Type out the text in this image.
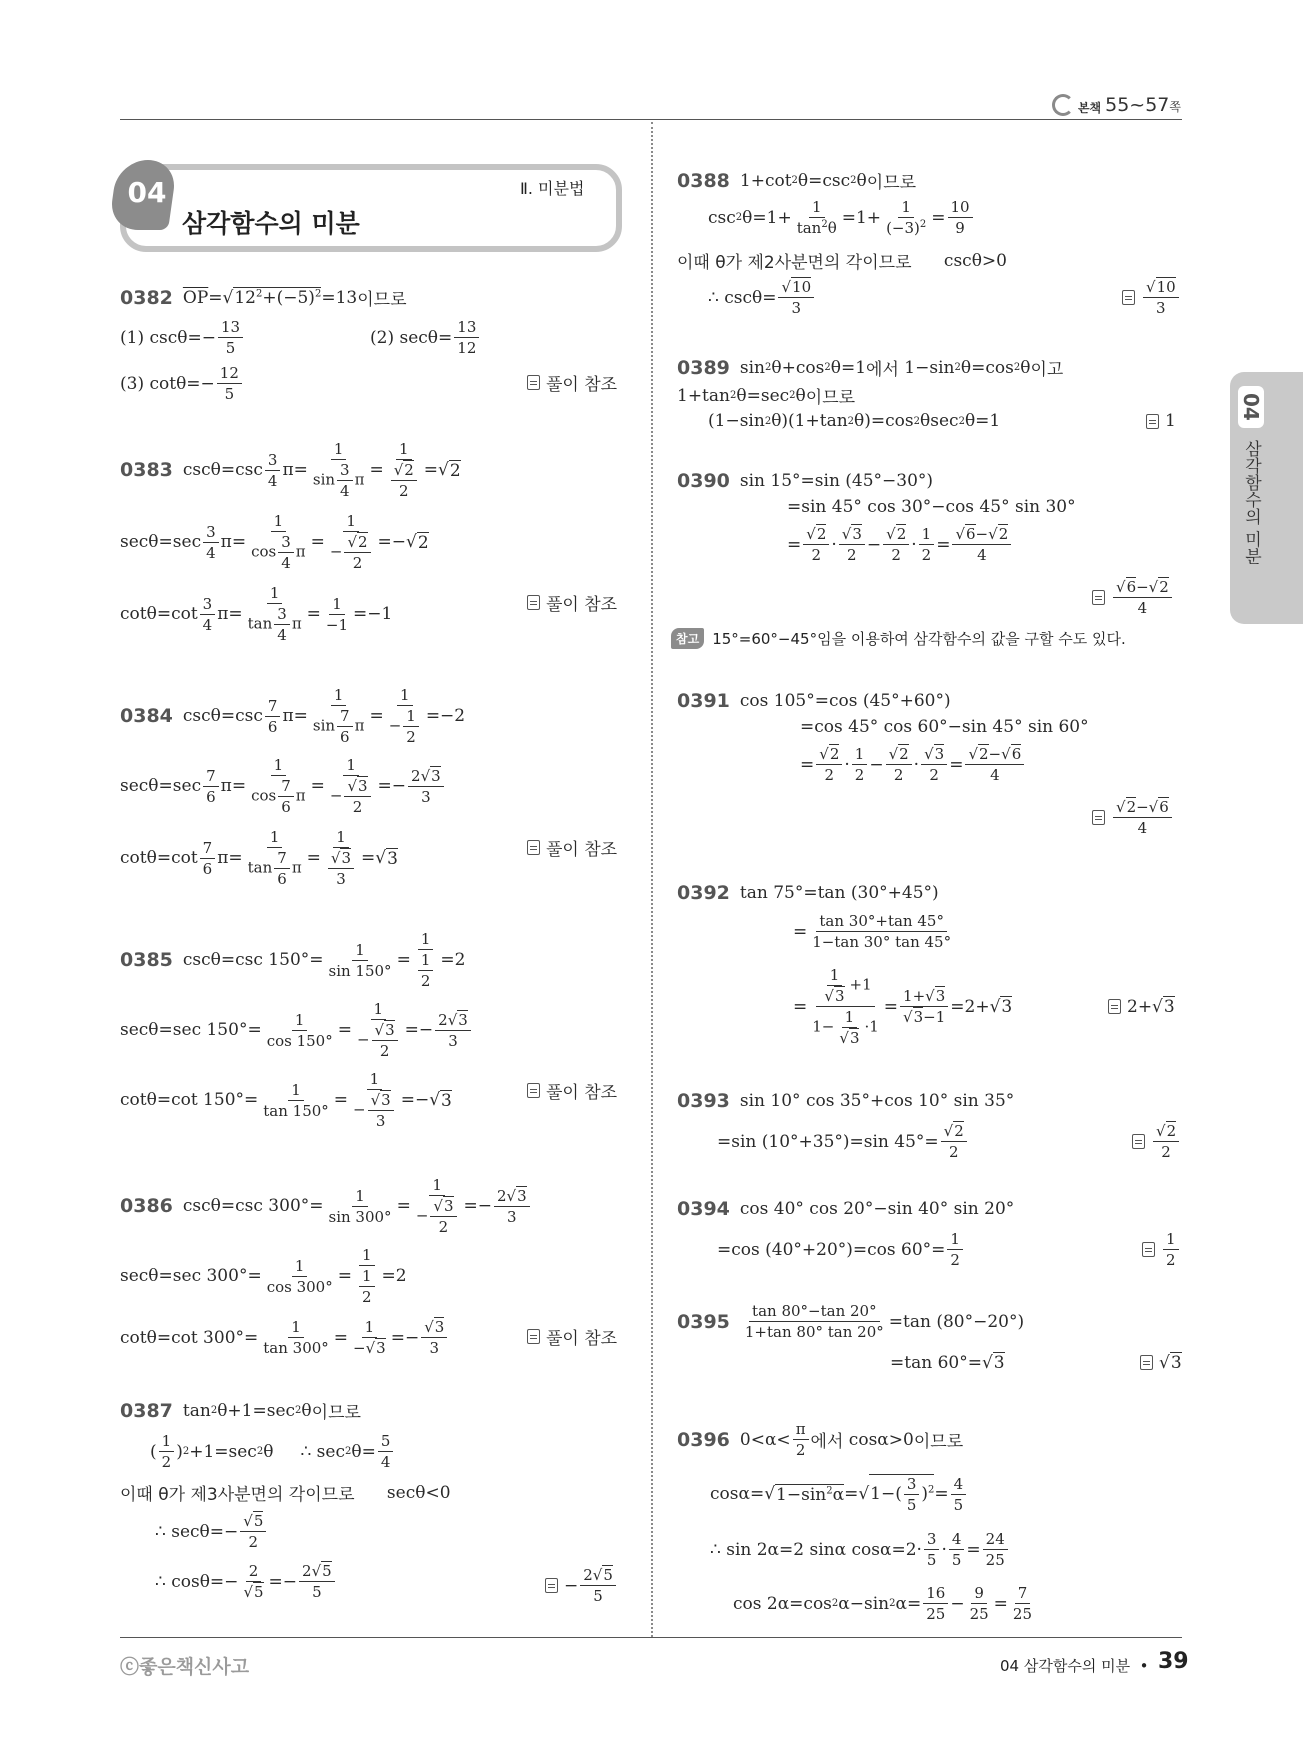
본책 55~57쪽
04
삼각함수의 미분
Ⅱ. 미분법
04
삼각함수의 미분
0382 $\overline{OP}=√12^2+(-5)^2=13$ 이므로
(1) cscθ=−
13
5
(2) secθ=
13
12
(3) cotθ=−
12
5	풀이 참조
0383 cscθ=csc
3
4
π=
1
$\sin \frac{3}{4}$ π =
1
$\frac{√2}{2}$ =√ 2
secθ=sec
3
4
π=
1
$\cos \frac{3}{4}$ π =
1
− $\frac{√2}{2}$ =−√ 2
cotθ=cot
3
4
π=
1
$\tan \frac{3}{4}$ π =
1
−1
=−1	풀이 참조
0384 cscθ=csc
7
6
π=
1
$\sin \frac{7}{6}$ π =
1
− $\frac{1}{2} =-2$
secθ=sec
7
6
π=
1
$\cos \frac{7}{6}$ π =
1
− $\frac{√3}{2}$ =−
2√3
3
cotθ=cot
7
6
π=
1
$\tan \frac{7}{6}$ π =
1
$\frac{√3}{3}$ =√ 3	풀이 참조
0385 cscθ=csc 150°=
1
sin 150°
=
1
$\frac{1}{2} =2$
secθ=sec 150°=
1
cos 150°
=
1
− $\frac{√3}{2}$ =−
2√3
3
cotθ=cot 150°=
1
tan 150°
=
1
− $\frac{√3}{3}$ =−√ 3	풀이 참조
0386 cscθ=csc 300°=
1
sin 300°
=
1
− $\frac{√3}{2}$ =−
2√3
3
secθ=sec 300°=
1
cos 300°
=
1
$\frac{1}{2} =2$
cotθ=cot 300°=
1
tan 300°
=
1
−√3
=−
√3
3	풀이 참조
0387 tan 2 θ+1=sec 2 θ 이므로
(
1
2
) 2 +1=sec 2 θ     ∴ sec 2 θ=
5
4
이때 θ가 제3사분면의 각이므로 secθ<0
∴ secθ=−
√5
2
∴ cosθ=−
2
√5
=−
2√5
5	−
2√5
5
0388 1+cot 2 θ=csc 2 θ 이므로
csc 2 θ=1+
1
$\tan^2\theta$
=1+
1
$(-3)^2$ =
10
9
이때 θ가 제2사분면의 각이므로 cscθ>0
∴ cscθ=
√10
3
√10
3
0389 sin 2 θ+cos 2 θ=1 에서 1−sin 2 θ=cos 2 θ 이고
1+tan 2 θ=sec 2 θ 이므로
(1−sin 2 θ)(1+tan 2 θ)=cos 2 θsec 2 θ=1	1
0390 sin 15°=sin (45°−30°)
=sin 45° cos 30°−cos 45° sin 30°
=
√2
2
·
√3
2
−
√2
2
·
1
2
=
√6−√2
4
√6−√2
4
참고 15°=60°−45°임을 이용하여 삼각함수의 값을 구할 수도 있다.
0391 cos 105°=cos (45°+60°)
=cos 45° cos 60°−sin 45° sin 60°
=
√2
2
·
1
2
−
√2
2
·
√3
2
=
√2−√6
4
√2−√6
4
0392 tan 75°=tan (30°+45°)
=
tan 30°+tan 45°
1−tan 30° tan 45°
=
$\frac{1}{√3} +1$
$1- \frac{1}{√3} \cdot 1$
=
1+√3
√3−1
=2+√ 3	2+√ 3
0393 sin 10° cos 35°+cos 10° sin 35°
=sin (10°+35°)=sin 45°=
√2
2
√2
2
0394 cos 40° cos 20°−sin 40° sin 20°
=cos (40°+20°)=cos 60°=
1
2
1
2
0395 tan 80°−tan 20°
1+tan 80° tan 20°
=tan (80°−20°)
=tan 60°=√ 3	√ 3
0396 0<α<
π
2 에서 cosα>0 이므로
cosα=√ $1-\sin^2\alpha$ =√ $1-( \frac{3}{5} )^2$ =
4
5
∴ sin 2α=2 sinα cosα=2·
3
5
·
4
5
=
24
25
cos 2α=cos 2 α−sin 2 α=
16
25
−
9
25
=
7
25
ⓒ좋은책신사고	04 삼각함수의 미분 • 39
